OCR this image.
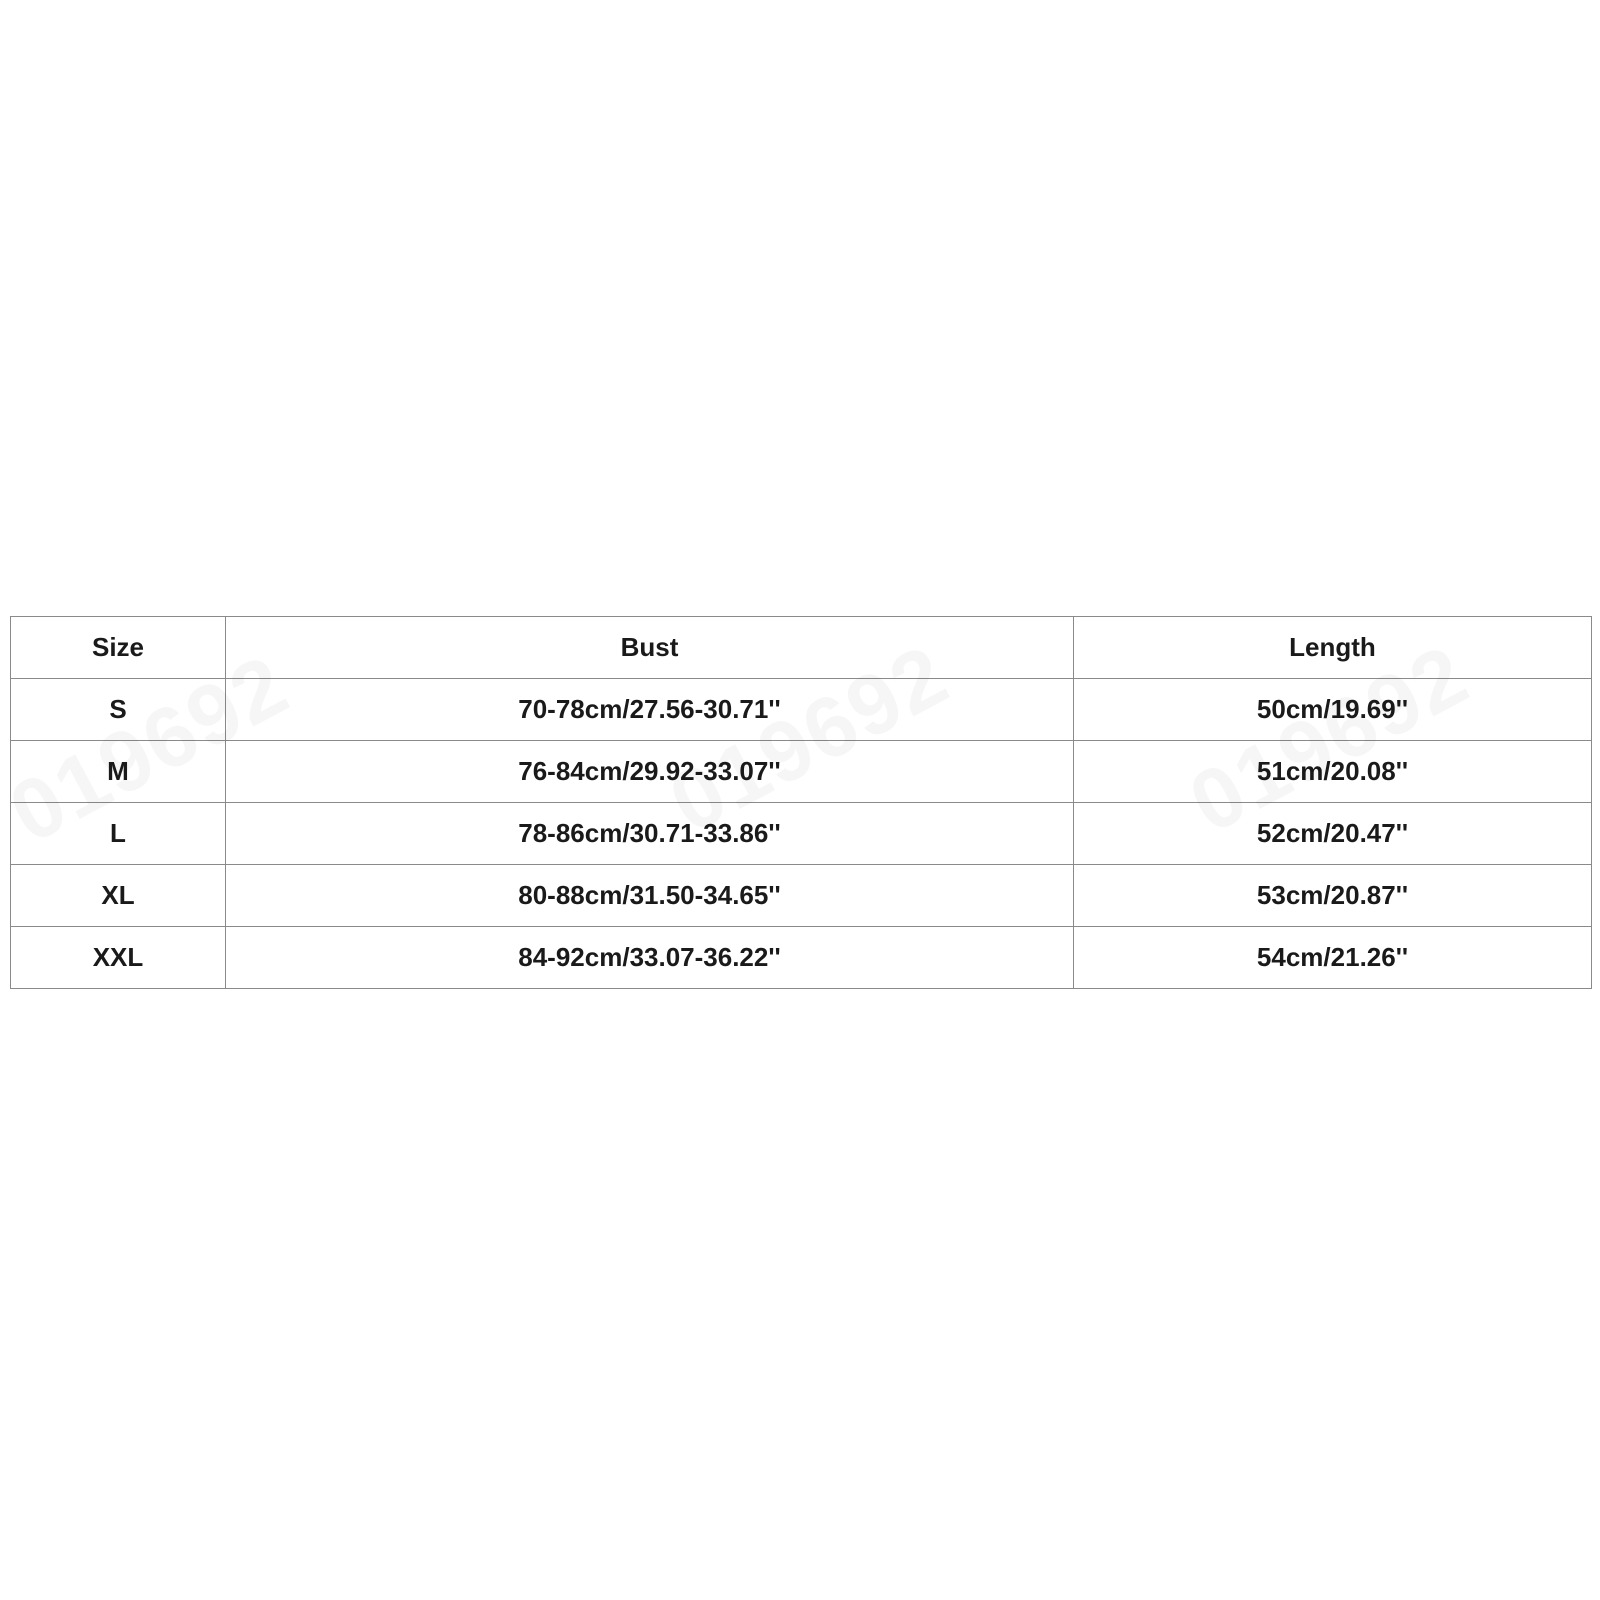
Size	Bust	Length
S	70-78cm/27.56-30.71''	50cm/19.69''
M	76-84cm/29.92-33.07''	51cm/20.08''
L	78-86cm/30.71-33.86''	52cm/20.47''
XL	80-88cm/31.50-34.65''	53cm/20.87''
XXL	84-92cm/33.07-36.22''	54cm/21.26''
